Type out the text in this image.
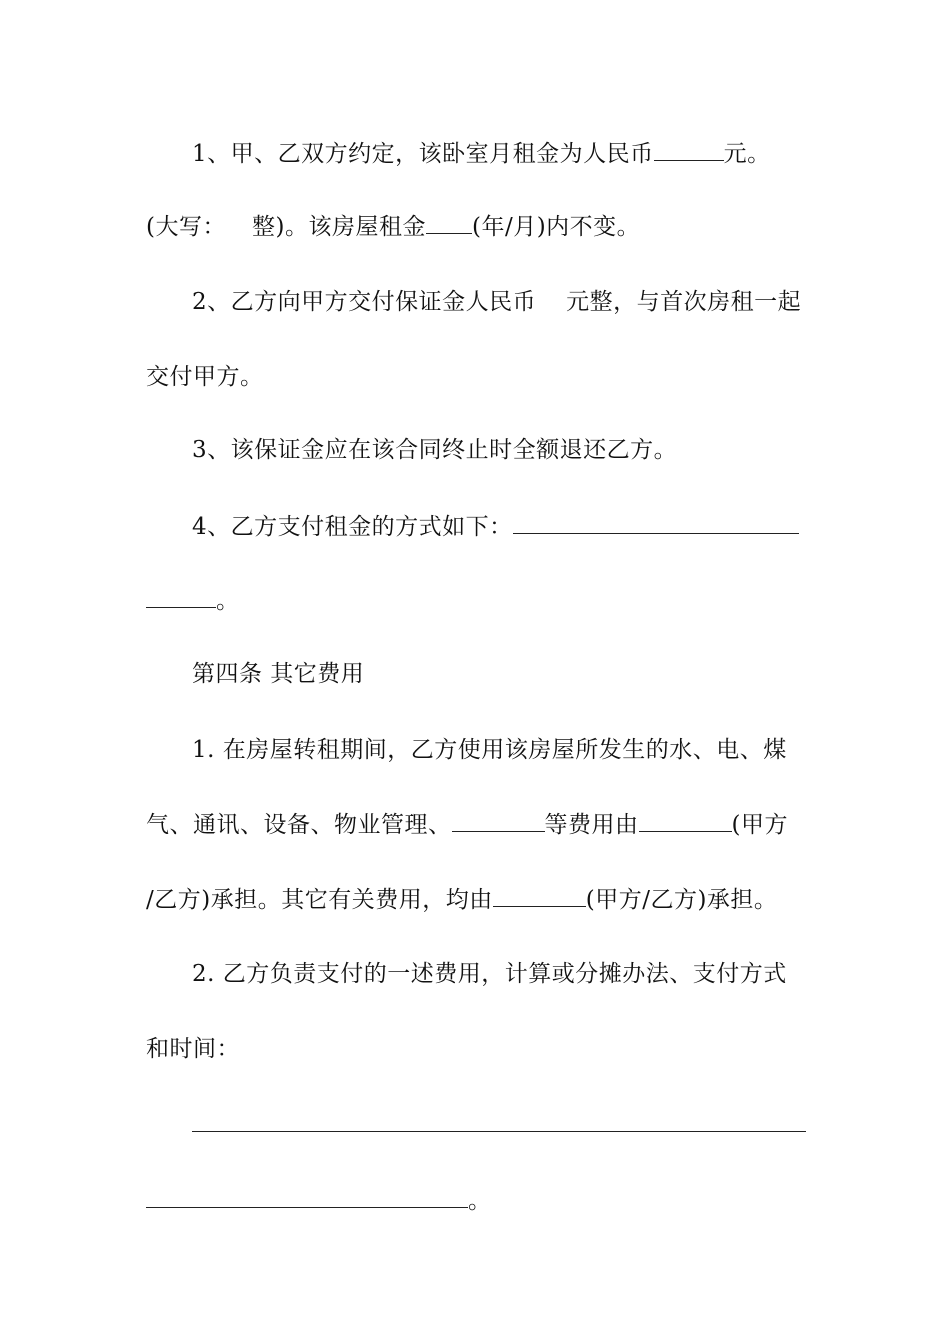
1、甲、乙双方约定，该卧室月租金为人民币	元。
(大写： 整)。该房屋租金 (年/月)内不变。
2、乙方向甲方交付保证金人民币 元整，与首次房租一起
交付甲方。
3、该保证金应在该合同终止时全额退还乙方。
4、乙方支付租金的方式如下：
。
第四条 其它费用
1. 在房屋转租期间，乙方使用该房屋所发生的水、电、煤
气、通讯、设备、物业管理、	等费用由	(甲方
/乙方)承担。其它有关费用，均由	(甲方/乙方)承担。
2. 乙方负责支付的一述费用，计算或分摊办法、支付方式
和时间：
。
